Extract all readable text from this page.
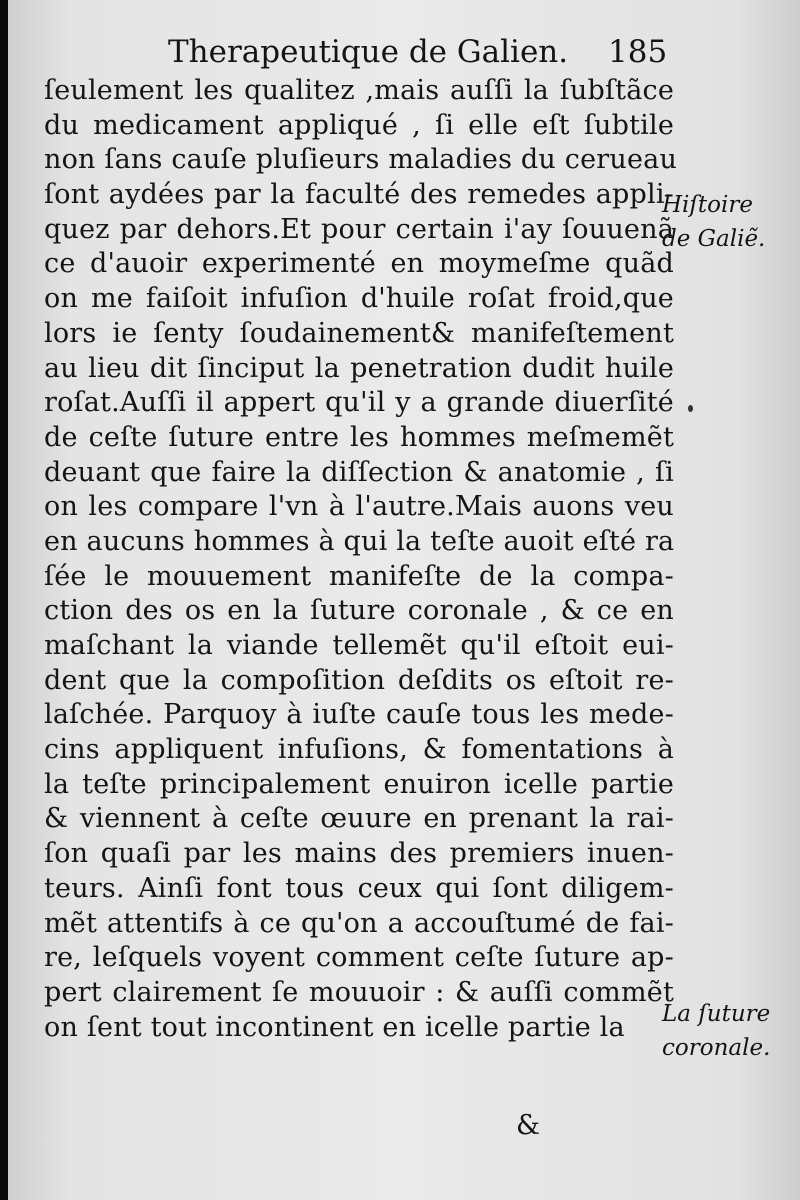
Therapeutique de Galien. 185
ſeulement les qualitez ,mais auſſi la ſubſtãce
du medicament appliqué , ſi elle eſt ſubtile
non ſans cauſe pluſieurs maladies du cerueau
ſont aydées par la faculté des remedes appli-
quez par dehors.Et pour certain i'ay ſouuenã
ce d'auoir experimenté en moymeſme quãd
on me faiſoit infuſion d'huile roſat froid,que
lors ie ſenty ſoudainement& manifeſtement
au lieu dit ſinciput la penetration dudit huile
roſat.Auſſi il appert qu'il y a grande diuerſité
de ceſte ſuture entre les hommes meſmemẽt
deuant que faire la diſſection & anatomie , ſi
on les compare l'vn à l'autre.Mais auons veu
en aucuns hommes à qui la teſte auoit eſté ra
ſée le mouuement manifeſte de la compa-
ction des os en la ſuture coronale , & ce en
maſchant la viande tellemẽt qu'il eſtoit eui-
dent que la compoſition deſdits os eſtoit re-
laſchée. Parquoy à iuſte cauſe tous les mede-
cins appliquent infuſions, & fomentations à
la teſte principalement enuiron icelle partie
& viennent à ceſte œuure en prenant la rai-
ſon quaſi par les mains des premiers inuen-
teurs. Ainſi font tous ceux qui ſont diligem-
mẽt attentifs à ce qu'on a accouſtumé de fai-
re, leſquels voyent comment ceſte ſuture ap-
pert clairement ſe mouuoir : & auſſi commẽt
on ſent tout incontinent en icelle partie la
Hiſtoire
de Galiẽ.
La ſuture
coronale.
&
